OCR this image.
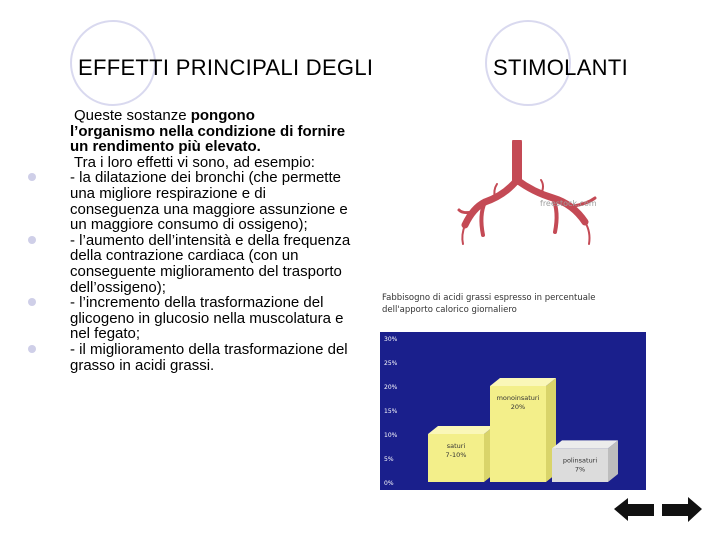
EFFETTI PRINCIPALI DEGLI	STIMOLANTI

Queste sostanze pongono
l’organismo nella condizione di fornire un rendimento più elevato.

Tra i loro effetti vi sono, ad esempio:

- la dilatazione dei bronchi (che permette una migliore respirazione e di conseguenza una maggiore assunzione e un maggiore consumo di ossigeno);
- l’aumento dell’intensità e della frequenza della contrazione cardiaca (con un conseguente miglioramento del trasporto dell’ossigeno);
- l’incremento della trasformazione del glicogeno in glucosio nella muscolatura e nel fegato;
- il miglioramento della trasformazione del grasso in acidi grassi.
freestock.com
Fabbisogno di acidi grassi espresso in percentuale
dell'apporto calorico giornaliero
0%
5%
10%
15%
20%
25%
30%
saturi
7-10%
monoinsaturi
20%
polinsaturi
7%
